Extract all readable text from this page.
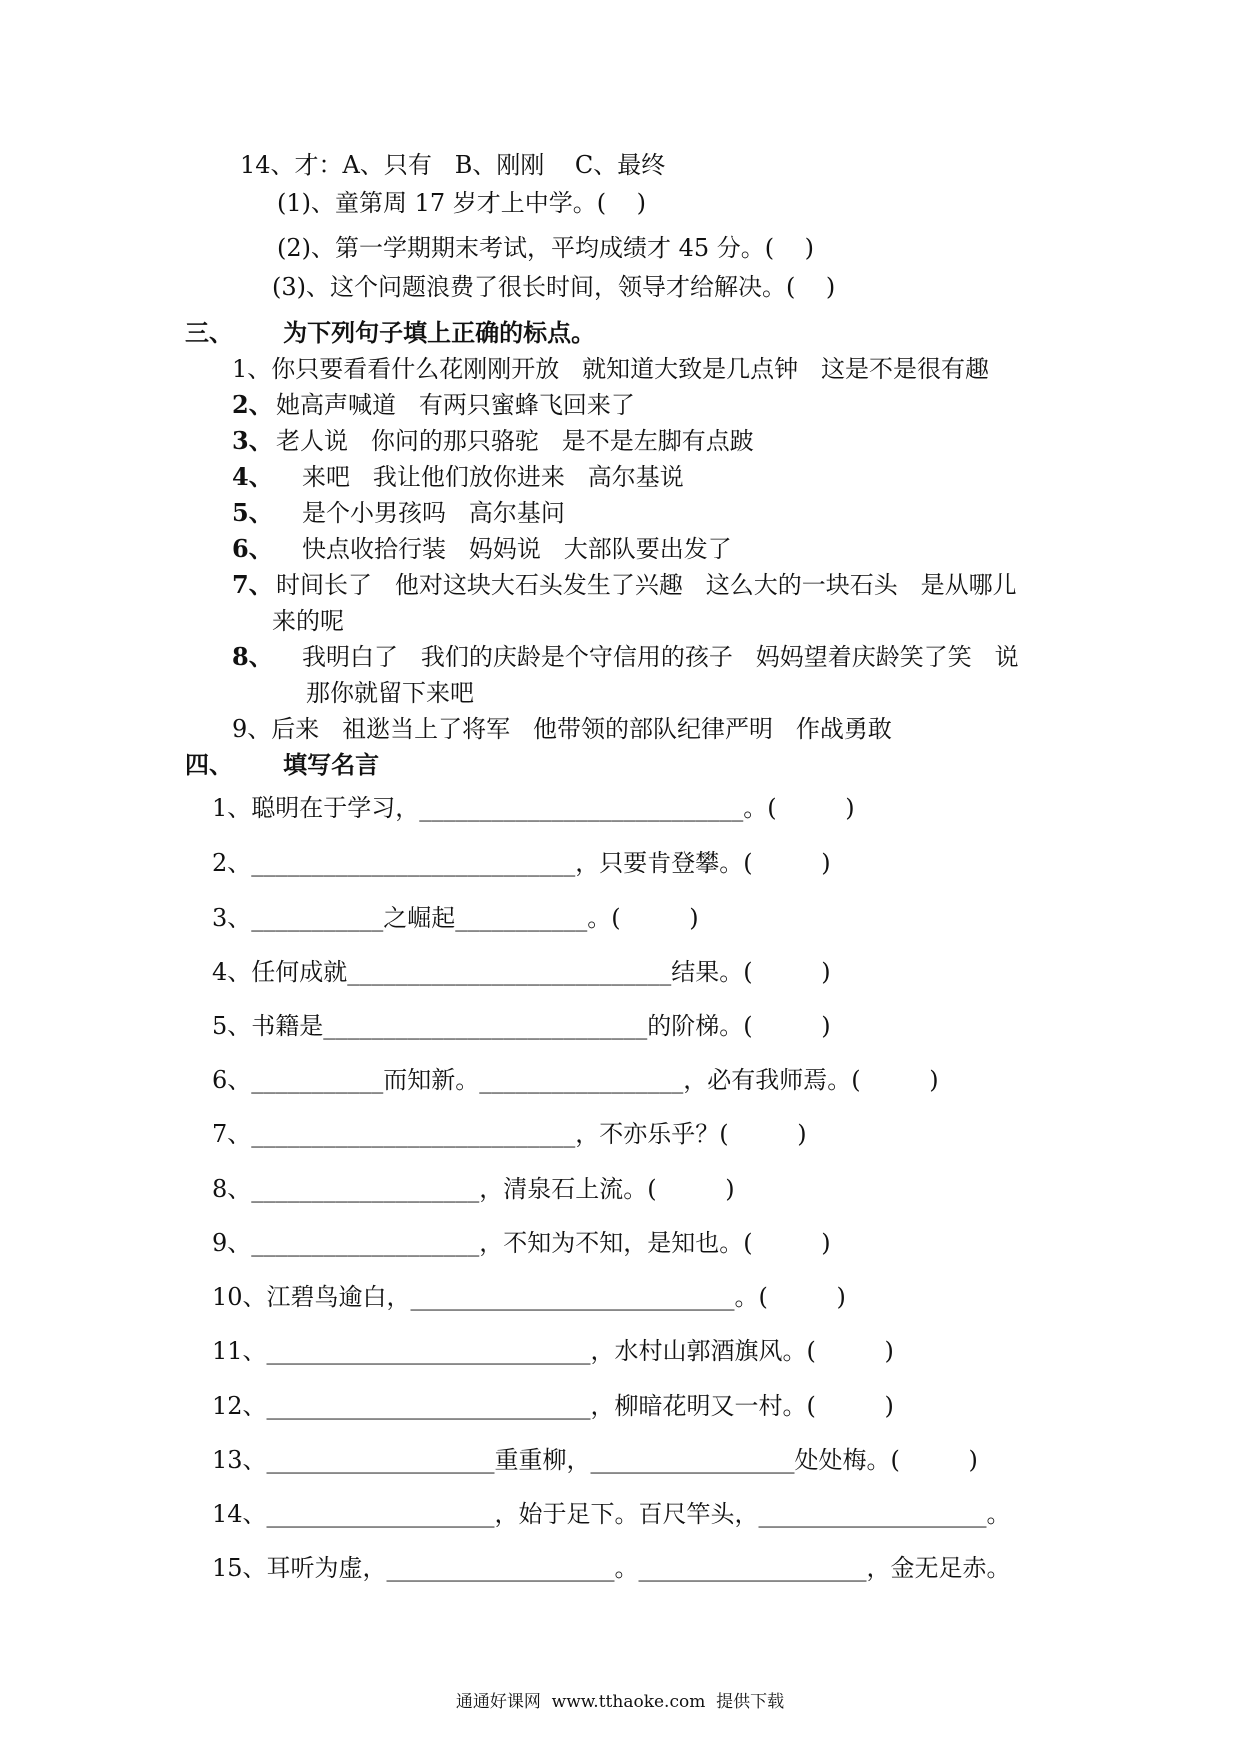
14、才：A、只有   B、刚刚    C、最终
(1)、童第周 17 岁才上中学。(    )
(2)、第一学期期末考试，平均成绩才 45 分。(    )
(3)、这个问题浪费了很长时间，领导才给解决。(    )
三、      为下列句子填上正确的标点。
1、你只要看看什么花刚刚开放   就知道大致是几点钟   这是不是很有趣
2、 她高声喊道   有两只蜜蜂飞回来了
3、 老人说   你问的那只骆驼   是不是左脚有点跛
4、 来吧   我让他们放你进来   高尔基说
5、 是个小男孩吗   高尔基问
6、 快点收拾行装   妈妈说   大部队要出发了
7、 时间长了   他对这块大石头发生了兴趣   这么大的一块石头   是从哪儿
来的呢
8、 我明白了   我们的庆龄是个守信用的孩子   妈妈望着庆龄笑了笑   说
那你就留下来吧
9、后来   祖逖当上了将军   他带领的部队纪律严明   作战勇敢
四、      填写名言
1、聪明在于学习，___________________________。(         )
2、___________________________，只要肯登攀。(         )
3、___________之崛起___________。(         )
4、任何成就___________________________结果。(         )
5、书籍是___________________________的阶梯。(         )
6、___________而知新。_________________，必有我师焉。(         )
7、___________________________，不亦乐乎？(         )
8、___________________，清泉石上流。(         )
9、___________________，不知为不知，是知也。(         )
10、江碧鸟逾白，___________________________。(         )
11、___________________________，水村山郭酒旗风。(         )
12、___________________________，柳暗花明又一村。(         )
13、___________________重重柳，_________________处处梅。(         )
14、___________________，始于足下。百尺竿头，___________________。
15、耳听为虚，___________________。___________________，金无足赤。
通通好课网  www.tthaoke.com  提供下载
